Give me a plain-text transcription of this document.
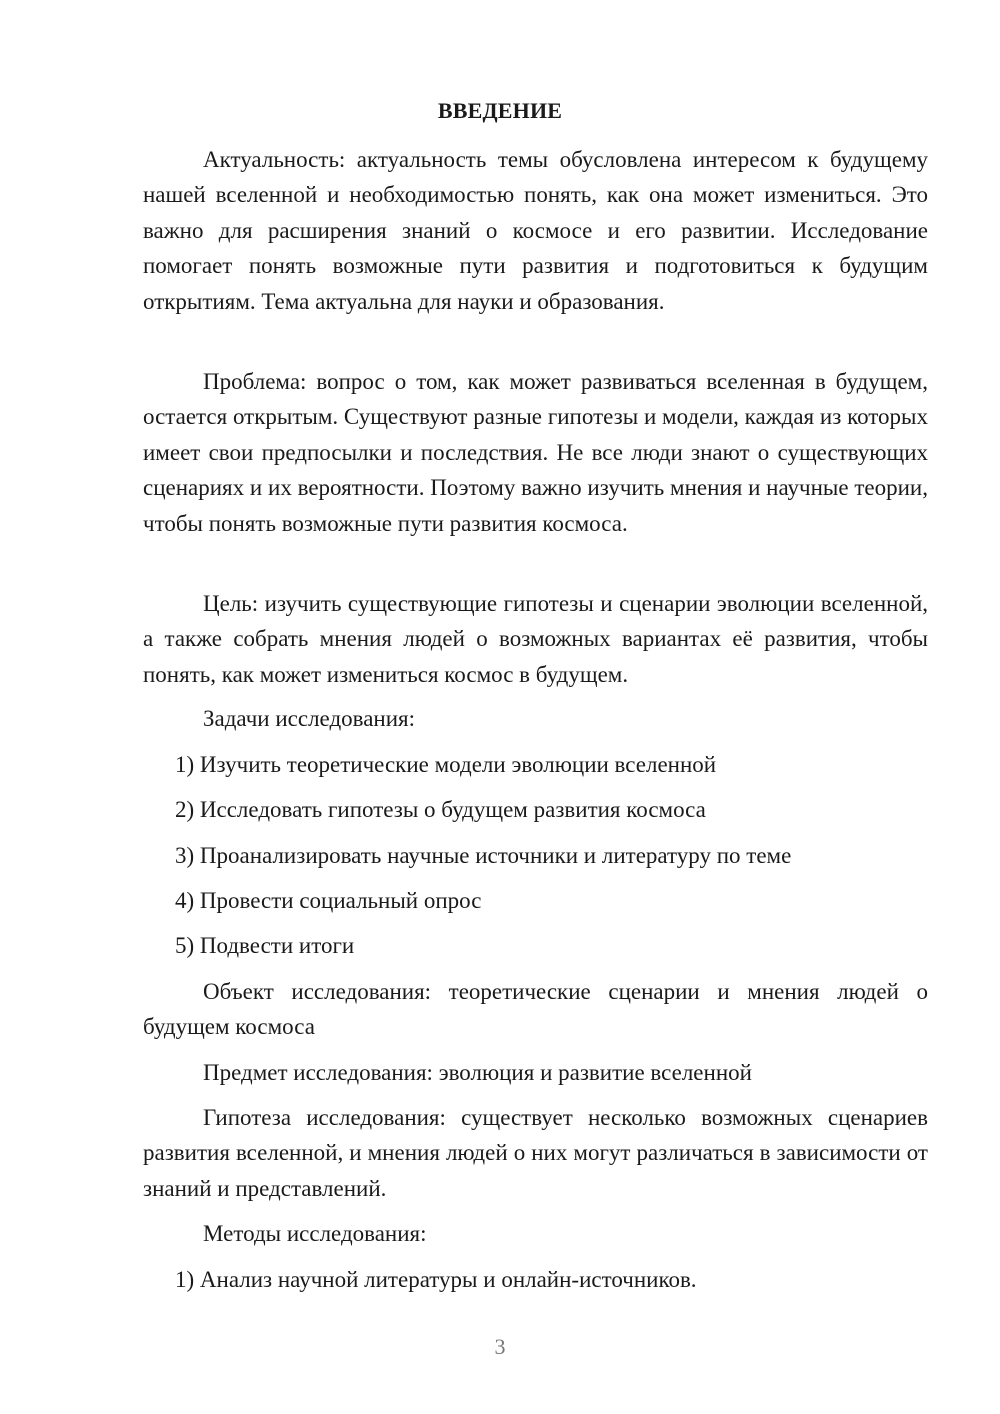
ВВЕДЕНИЕ

Актуальность: актуальность темы обусловлена интересом к будущему нашей вселенной и необходимостью понять, как она может измениться. Это важно для расширения знаний о космосе и его развитии. Исследование помогает понять возможные пути развития и подготовиться к будущим открытиям. Тема актуальна для науки и образования.

Проблема: вопрос о том, как может развиваться вселенная в будущем, остается открытым. Существуют разные гипотезы и модели, каждая из которых имеет свои предпосылки и последствия. Не все люди знают о существующих сценариях и их вероятности. Поэтому важно изучить мнения и научные теории, чтобы понять возможные пути развития космоса.

Цель: изучить существующие гипотезы и сценарии эволюции вселенной, а также собрать мнения людей о возможных вариантах её развития, чтобы понять, как может измениться космос в будущем.

Задачи исследования:

1) Изучить теоретические модели эволюции вселенной

2) Исследовать гипотезы о будущем развития космоса

3) Проанализировать научные источники и литературу по теме

4) Провести социальный опрос

5) Подвести итоги

Объект исследования: теоретические сценарии и мнения людей о будущем космоса

Предмет исследования: эволюция и развитие вселенной

Гипотеза исследования: существует несколько возможных сценариев развития вселенной, и мнения людей о них могут различаться в зависимости от знаний и представлений.

Методы исследования:

1) Анализ научной литературы и онлайн-источников.

3
